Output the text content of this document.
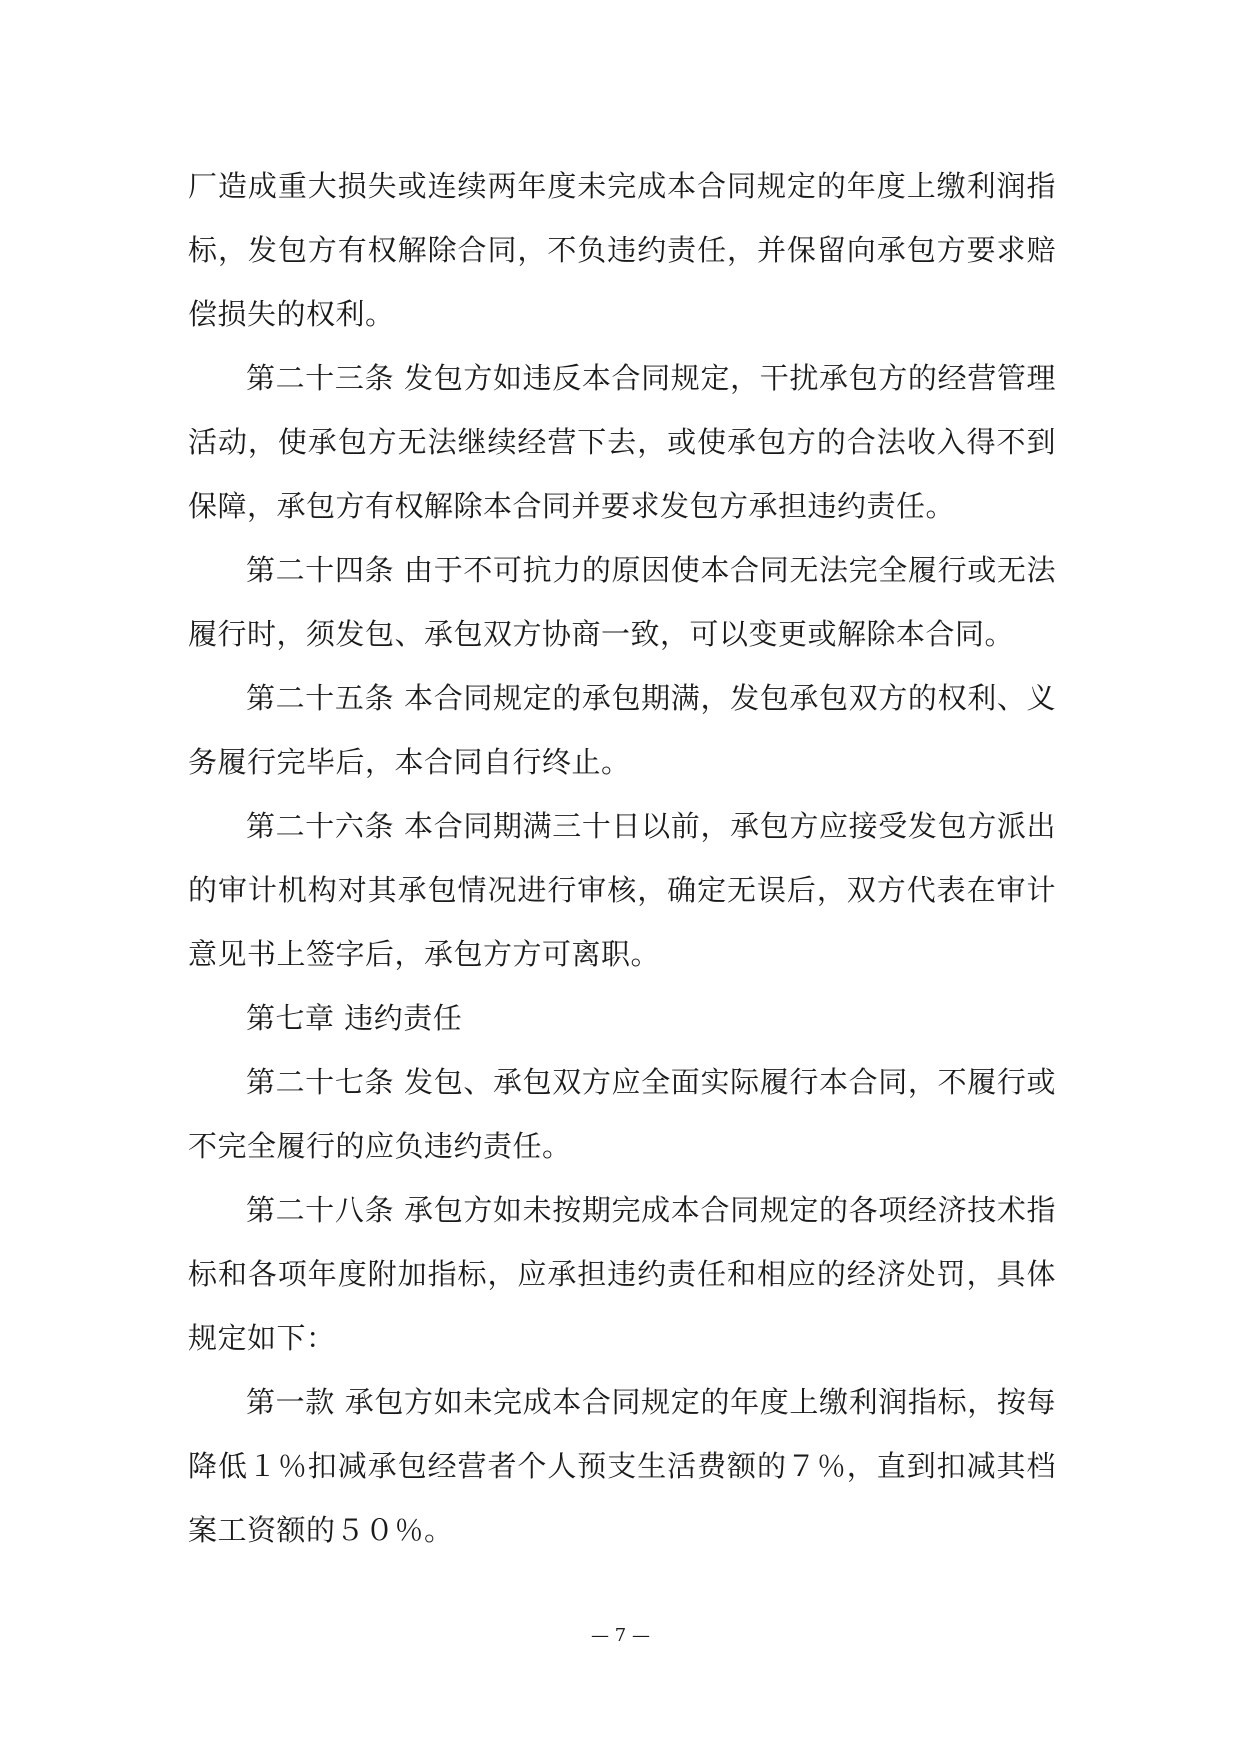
厂造成重大损失或连续两年度未完成本合同规定的年度上缴利润指标，发包方有权解除合同，不负违约责任，并保留向承包方要求赔偿损失的权利。

第二十三条 发包方如违反本合同规定，干扰承包方的经营管理活动，使承包方无法继续经营下去，或使承包方的合法收入得不到保障，承包方有权解除本合同并要求发包方承担违约责任。

第二十四条 由于不可抗力的原因使本合同无法完全履行或无法履行时，须发包、承包双方协商一致，可以变更或解除本合同。

第二十五条 本合同规定的承包期满，发包承包双方的权利、义务履行完毕后，本合同自行终止。

第二十六条 本合同期满三十日以前，承包方应接受发包方派出的审计机构对其承包情况进行审核，确定无误后，双方代表在审计意见书上签字后，承包方方可离职。

第七章 违约责任

第二十七条 发包、承包双方应全面实际履行本合同，不履行或不完全履行的应负违约责任。

第二十八条 承包方如未按期完成本合同规定的各项经济技术指标和各项年度附加指标，应承担违约责任和相应的经济处罚，具体规定如下：

第一款 承包方如未完成本合同规定的年度上缴利润指标，按每降低１％扣减承包经营者个人预支生活费额的７％，直到扣减其档案工资额的５０％。

— 7 —
